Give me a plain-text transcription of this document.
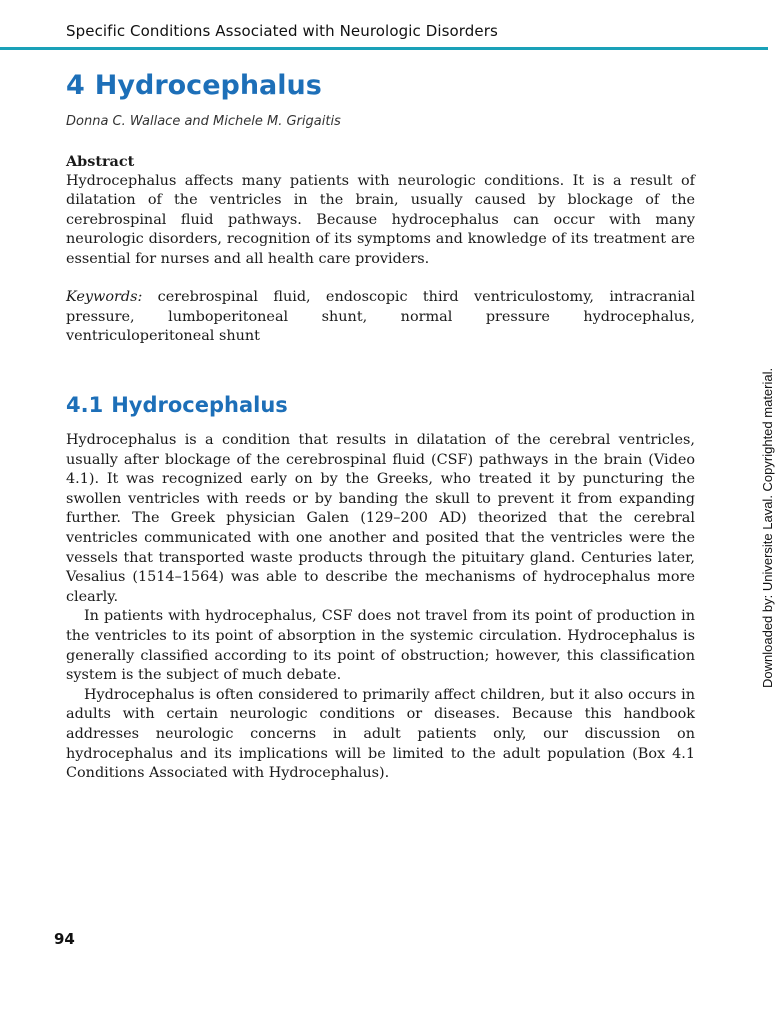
Specific Conditions Associated with Neurologic Disorders
4 Hydrocephalus
Donna C. Wallace and Michele M. Grigaitis
Abstract
Hydrocephalus affects many patients with neurologic conditions. It is a result of dilatation of the ventricles in the brain, usually caused by blockage of the cerebrospinal fluid pathways. Because hydrocephalus can occur with many neurologic disorders, recognition of its symptoms and knowledge of its treatment are essential for nurses and all health care providers.
Keywords: cerebrospinal fluid, endoscopic third ventriculostomy, intracranial pressure, lumboperitoneal shunt, normal pressure hydrocephalus, ventriculoperitoneal shunt
4.1 Hydrocephalus

Hydrocephalus is a condition that results in dilatation of the cerebral ventricles, usually after blockage of the cerebrospinal fluid (CSF) pathways in the brain (Video 4.1). It was recognized early on by the Greeks, who treated it by puncturing the swollen ventricles with reeds or by banding the skull to prevent it from expanding further. The Greek physician Galen (129–200 AD) theorized that the cerebral ventricles communicated with one another and posited that the ventricles were the vessels that transported waste products through the pituitary gland. Centuries later, Vesalius (1514–1564) was able to describe the mechanisms of hydrocephalus more clearly.

In patients with hydrocephalus, CSF does not travel from its point of production in the ventricles to its point of absorption in the systemic circulation. Hydrocephalus is generally classified according to its point of obstruction; however, this classification system is the subject of much debate.

Hydrocephalus is often considered to primarily affect children, but it also occurs in adults with certain neurologic conditions or diseases. Because this handbook addresses neurologic concerns in adult patients only, our discussion on hydrocephalus and its implications will be limited to the adult population (Box 4.1 Conditions Associated with Hydrocephalus).

Downloaded by: Universite Laval. Copyrighted material.
94
